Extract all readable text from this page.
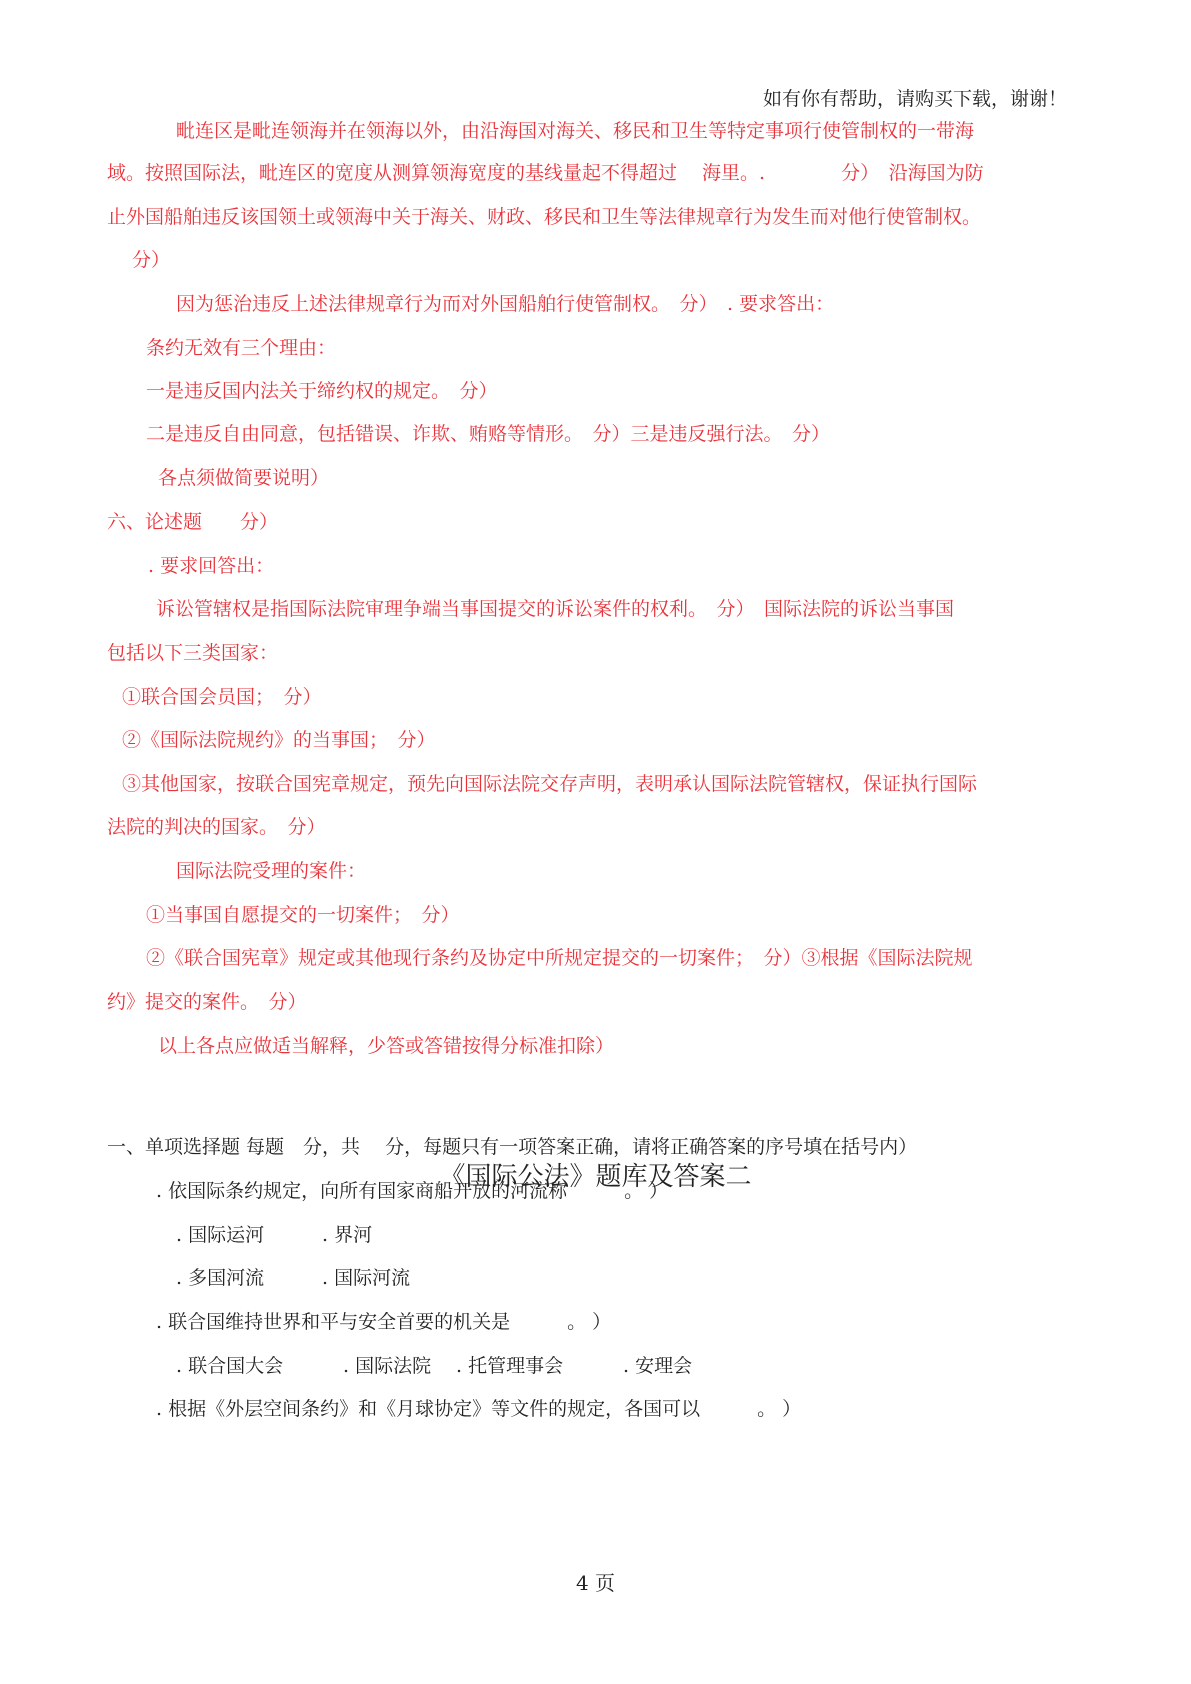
如有你有帮助，请购买下载，谢谢！
毗连区是毗连领海并在领海以外，由沿海国对海关、移民和卫生等特定事项行使管制权的一带海
域。按照国际法，毗连区的宽度从测算领海宽度的基线量起不得超过　 海里。.　　　　分）　沿海国为防
止外国船舶违反该国领土或领海中关于海关、财政、移民和卫生等法律规章行为发生而对他行使管制权。
分）
因为惩治违反上述法律规章行为而对外国船舶行使管制权。　分）　. 要求答出：
条约无效有三个理由：
一是违反国内法关于缔约权的规定。　分）
二是违反自由同意，包括错误、诈欺、贿赂等情形。　分）三是违反强行法。　分）
各点须做简要说明）
六、论述题　　分）
. 要求回答出：
诉讼管辖权是指国际法院审理争端当事国提交的诉讼案件的权利。　分）　国际法院的诉讼当事国
包括以下三类国家：
①联合国会员国；　分）
②《国际法院规约》的当事国；　分）
③其他国家，按联合国宪章规定，预先向国际法院交存声明，表明承认国际法院管辖权，保证执行国际
法院的判决的国家。　分）
国际法院受理的案件：
①当事国自愿提交的一切案件；　分）
②《联合国宪章》规定或其他现行条约及协定中所规定提交的一切案件；　分）③根据《国际法院规
约》提交的案件。　分）
以上各点应做适当解释，少答或答错按得分标准扣除）
《国际公法》题库及答案二
一、单项选择题 每题　分，共　 分，每题只有一项答案正确，请将正确答案的序号填在括号内）
. 依国际条约规定，向所有国家商船开放的河流称　　　。 ）
. 国际运河	. 界河
. 多国河流	. 国际河流
. 联合国维持世界和平与安全首要的机关是　　　。 ）
. 联合国大会	. 国际法院 . 托管理事会	. 安理会
. 根据《外层空间条约》和《月球协定》等文件的规定，各国可以　　　。 ）
4 页
